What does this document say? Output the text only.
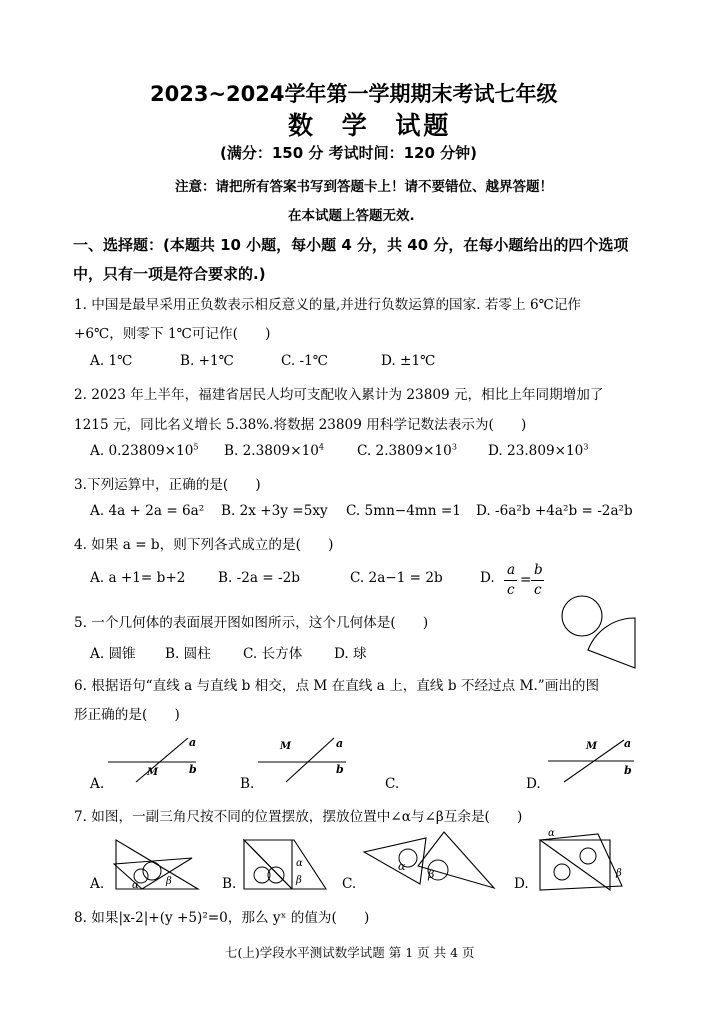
2023~2024学年第一学期期末考试七年级
数 学 试题
(满分：150 分 考试时间：120 分钟)
注意：请把所有答案书写到答题卡上！请不要错位、越界答题！
在本试题上答题无效.
一、选择题：(本题共 10 小题，每小题 4 分，共 40 分，在每小题给出的四个选项
中，只有一项是符合要求的.)
1. 中国是最早采用正负数表示相反意义的量,并进行负数运算的国家. 若零上 6℃记作
+6℃，则零下 1℃可记作(　　)
A. 1℃	B. +1℃	C. -1℃	D. ±1℃
2. 2023 年上半年，福建省居民人均可支配收入累计为 23809 元，相比上年同期增加了
1215 元，同比名义增长 5.38%.将数据 23809 用科学记数法表示为(　　)
A. $0.23809\times 10^5$ B. $2.3809\times 10^4$ C. $2.3809\times 10^3$ D. $23.809\times 10^3$
3.下列运算中，正确的是(　　)
A. 4a + 2a = 6a² B. 2x +3y =5xy C. 5mn−4mn =1 D. -6a²b +4a²b = -2a²b
4. 如果 a = b，则下列各式成立的是(　　)
A. a +1= b+2 B. -2a = -2b	C. 2a−1 = 2b	D. a
c
=
b
c
5. 一个几何体的表面展开图如图所示，这个几何体是(　　)
A. 圆锥 B. 圆柱 C. 长方体 D. 球
6. 根据语句“直线 a 与直线 b 相交，点 M 在直线 a 上，直线 b 不经过点 M.”画出的图
形正确的是(　　)
A.
a
b
M
B.
a
b
M
C.	D.
a
b
M
7. 如图，一副三角尺按不同的位置摆放，摆放位置中∠α与∠β互余是(　　)
A.	α	β	B.
α
β	C.
α
β
D.
α
β
8. 如果|x-2|+(y +5)²=0，那么 yˣ 的值为(　　)
七(上)学段水平测试数学试题 第 1 页 共 4 页
